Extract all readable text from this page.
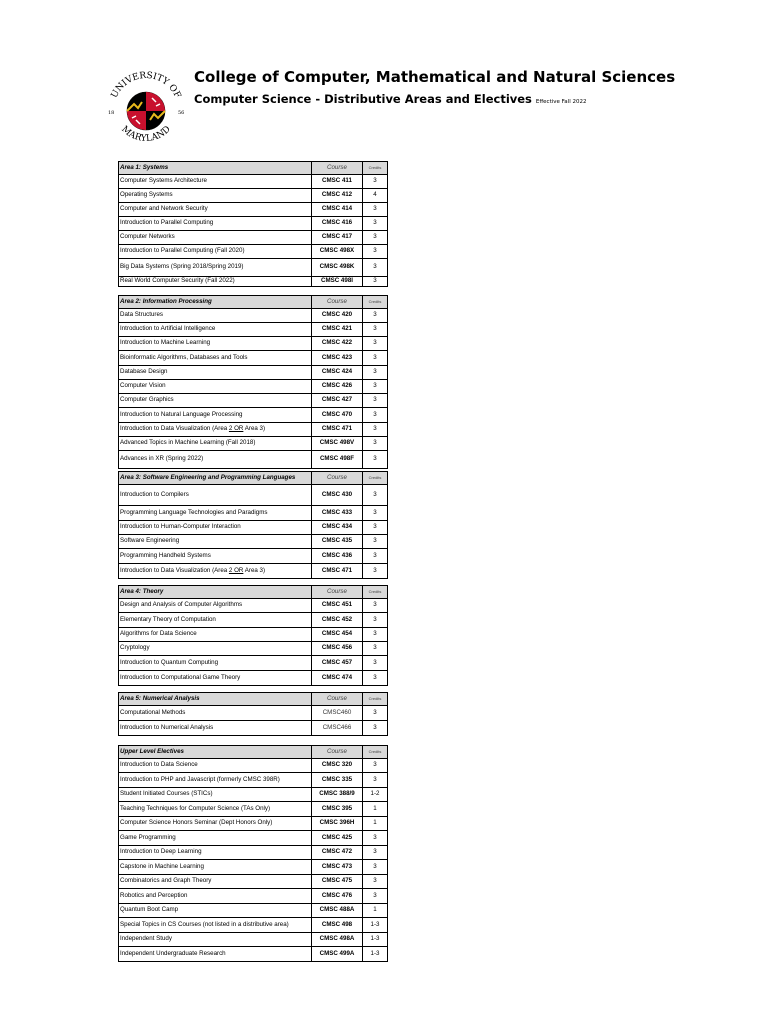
UNIVERSITY OF
MARYLAND
18	56
College of Computer, Mathematical and Natural Sciences
Computer Science - Distributive Areas and Electives Effective Fall 2022
Area 1: Systems	Course	Credits
Computer Systems Architecture	CMSC 411	3
Operating Systems	CMSC 412	4
Computer and Network Security	CMSC 414	3
Introduction to Parallel Computing	CMSC 416	3
Computer Networks	CMSC 417	3
Introduction to Parallel Computing (Fall 2020)	CMSC 498X	3
Big Data Systems (Spring 2018/Spring 2019)	CMSC 498K	3
Real World Computer Security (Fall 2022)	CMSC 498I	3
Area 2: Information Processing	Course	Credits
Data Structures	CMSC 420	3
Introduction to Artificial Intelligence	CMSC 421	3
Introduction to Machine Learning	CMSC 422	3
Bioinformatic Algorithms, Databases and Tools	CMSC 423	3
Database Design	CMSC 424	3
Computer Vision	CMSC 426	3
Computer Graphics	CMSC 427	3
Introduction to Natural Language Processing	CMSC 470	3
Introduction to Data Visualization (Area 2 OR Area 3)	CMSC 471	3
Advanced Topics in Machine Learning (Fall 2018)	CMSC 498V	3
Advances in XR (Spring 2022)	CMSC 498F	3
Area 3: Software Engineering and Programming Languages	Course	Credits
Introduction to Compilers	CMSC 430	3
Programming Language Technologies and Paradigms	CMSC 433	3
Introduction to Human-Computer Interaction	CMSC 434	3
Software Engineering	CMSC 435	3
Programming Handheld Systems	CMSC 436	3
Introduction to Data Visualization (Area 2 OR Area 3)	CMSC 471	3
Area 4: Theory	Course	Credits
Design and Analysis of Computer Algorithms	CMSC 451	3
Elementary Theory of Computation	CMSC 452	3
Algorithms for Data Science	CMSC 454	3
Cryptology	CMSC 456	3
Introduction to Quantum Computing	CMSC 457	3
Introduction to Computational Game Theory	CMSC 474	3
Area 5: Numerical Analysis	Course	Credits
Computational Methods	CMSC460	3
Introduction to Numerical Analysis	CMSC466	3
Upper Level Electives	Course	Credits
Introduction to Data Science	CMSC 320	3
Introduction to PHP and Javascript (formerly CMSC 398R)	CMSC 335	3
Student Initiated Courses (STICs)	CMSC 388/9	1-2
Teaching Techniques for Computer Science (TAs Only)	CMSC 395	1
Computer Science Honors Seminar (Dept Honors Only)	CMSC 396H	1
Game Programming	CMSC 425	3
Introduction to Deep Learning	CMSC 472	3
Capstone in Machine Learning	CMSC 473	3
Combinatorics and Graph Theory	CMSC 475	3
Robotics and Perception	CMSC 476	3
Quantum Boot Camp	CMSC 488A	1
Special Topics in CS Courses (not listed in a distributive area)	CMSC 498	1-3
Independent Study	CMSC 498A	1-3
Independent Undergraduate Research	CMSC 499A	1-3
